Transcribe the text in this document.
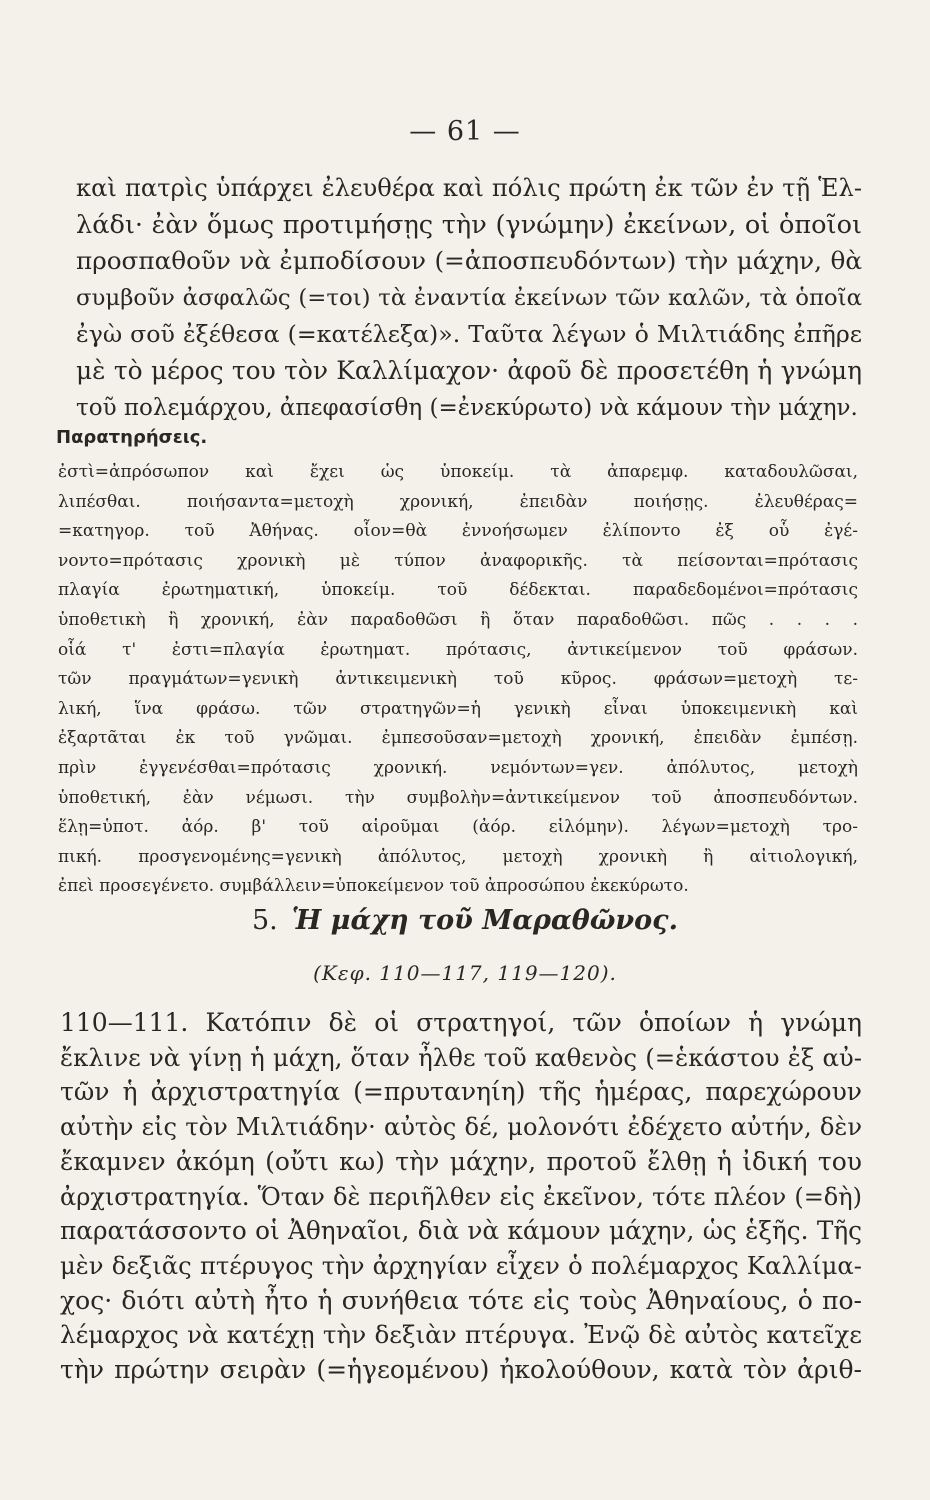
— 61 —
καὶ πατρὶς ὑπάρχει ἐλευθέρα καὶ πόλις πρώτη ἐκ τῶν ἐν τῇ Ἑλ-
λάδι· ἐὰν ὅμως προτιμήσῃς τὴν (γνώμην) ἐκείνων, οἱ ὁποῖοι
προσπαθοῦν νὰ ἐμποδίσουν (=ἀποσπευδόντων) τὴν μάχην, θὰ
συμβοῦν ἀσφαλῶς (=τοι) τὰ ἐναντία ἐκείνων τῶν καλῶν, τὰ ὁποῖα
ἐγὼ σοῦ ἐξέθεσα (=κατέλεξα)». Ταῦτα λέγων ὁ Μιλτιάδης ἐπῆρε
μὲ τὸ μέρος του τὸν Καλλίμαχον· ἀφοῦ δὲ προσετέθη ἡ γνώμη
τοῦ πολεμάρχου, ἀπεφασίσθη (=ἐνεκύρωτο) νὰ κάμουν τὴν μάχην.
Παρατηρήσεις.
ἐστὶ=ἀπρόσωπον καὶ ἔχει ὡς ὑποκείμ. τὰ ἀπαρεμφ. καταδουλῶσαι,
λιπέσθαι. ποιήσαντα=μετοχὴ χρονική, ἐπειδὰν ποιήσῃς. ἐλευθέρας=
=κατηγορ. τοῦ Ἀθήνας. οἷον=θὰ ἐννοήσωμεν ἐλίποντο ἐξ οὗ ἐγέ-
νοντο=πρότασις χρονικὴ μὲ τύπον ἀναφορικῆς. τὰ πείσονται=πρότασις
πλαγία ἐρωτηματική, ὑποκείμ. τοῦ δέδεκται. παραδεδομένοι=πρότασις
ὑποθετικὴ ἢ χρονική, ἐὰν παραδοθῶσι ἢ ὅταν παραδοθῶσι. πῶς . . . .
οἷά τ' ἐστι=πλαγία ἐρωτηματ. πρότασις, ἀντικείμενον τοῦ φράσων.
τῶν πραγμάτων=γενικὴ ἀντικειμενικὴ τοῦ κῦρος. φράσων=μετοχὴ τε-
λική, ἵνα φράσω. τῶν στρατηγῶν=ἡ γενικὴ εἶναι ὑποκειμενικὴ καὶ
ἐξαρτᾶται ἐκ τοῦ γνῶμαι. ἐμπεσοῦσαν=μετοχὴ χρονική, ἐπειδὰν ἐμπέσῃ.
πρὶν ἐγγενέσθαι=πρότασις χρονική. νεμόντων=γεν. ἀπόλυτος, μετοχὴ
ὑποθετική, ἐὰν νέμωσι. τὴν συμβολὴν=ἀντικείμενον τοῦ ἀποσπευδόντων.
ἕλῃ=ὑποτ. ἀόρ. β' τοῦ αἱροῦμαι (ἀόρ. εἱλόμην). λέγων=μετοχὴ τρο-
πική. προσγενομένης=γενικὴ ἀπόλυτος, μετοχὴ χρονικὴ ἢ αἰτιολογική,
ἐπεὶ προσεγένετο. συμβάλλειν=ὑποκείμενον τοῦ ἀπροσώπου ἐκεκύρωτο.
5. Ἡ μάχη τοῦ Μαραθῶνος.
(Κεφ. 110—117, 119—120).
110—111. Κατόπιν δὲ οἱ στρατηγοί, τῶν ὁποίων ἡ γνώμη
ἔκλινε νὰ γίνῃ ἡ μάχη, ὅταν ἦλθε τοῦ καθενὸς (=ἑκάστου ἐξ αὐ-
τῶν ἡ ἀρχιστρατηγία (=πρυτανηίη) τῆς ἡμέρας, παρεχώρουν
αὐτὴν εἰς τὸν Μιλτιάδην· αὐτὸς δέ, μολονότι ἐδέχετο αὐτήν, δὲν
ἔκαμνεν ἀκόμη (οὔτι κω) τὴν μάχην, προτοῦ ἔλθῃ ἡ ἰδική του
ἀρχιστρατηγία. Ὅταν δὲ περιῆλθεν εἰς ἐκεῖνον, τότε πλέον (=δὴ)
παρατάσσοντο οἱ Ἀθηναῖοι, διὰ νὰ κάμουν μάχην, ὡς ἑξῆς. Τῆς
μὲν δεξιᾶς πτέρυγος τὴν ἀρχηγίαν εἶχεν ὁ πολέμαρχος Καλλίμα-
χος· διότι αὐτὴ ἦτο ἡ συνήθεια τότε εἰς τοὺς Ἀθηναίους, ὁ πο-
λέμαρχος νὰ κατέχῃ τὴν δεξιὰν πτέρυγα. Ἐνῷ δὲ αὐτὸς κατεῖχε
τὴν πρώτην σειρὰν (=ἡγεομένου) ἠκολούθουν, κατὰ τὸν ἀριθ-
